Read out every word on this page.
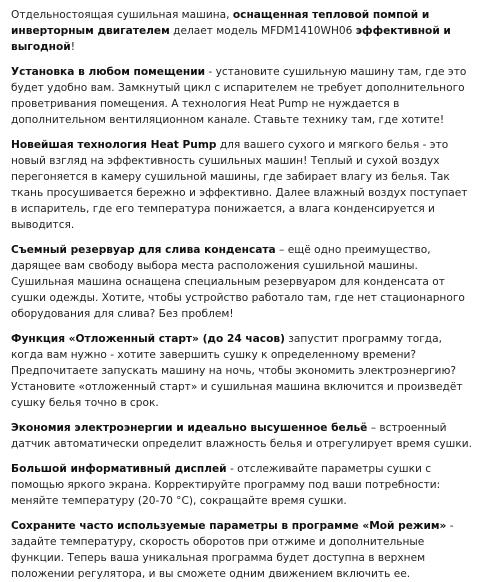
Отдельностоящая сушильная машина, оснащенная тепловой помпой и инверторным двигателем делает модель MFDM1410WH06 эффективной и выгодной!

Установка в любом помещении - установите сушильную машину там, где это будет удобно вам. Замкнутый цикл с испарителем не требует дополнительного проветривания помещения. А технология Heat Pump не нуждается в дополнительном вентиляционном канале. Ставьте технику там, где хотите!

Новейшая технология Heat Pump для вашего сухого и мягкого белья - это новый взгляд на эффективность сушильных машин! Теплый и сухой воздух перегоняется в камеру сушильной машины, где забирает влагу из белья. Так ткань просушивается бережно и эффективно. Далее влажный воздух поступает в испаритель, где его температура понижается, а влага конденсируется и выводится.

Съемный резервуар для слива конденсата – ещё одно преимущество, дарящее вам свободу выбора места расположения сушильной машины. Сушильная машина оснащена специальным резервуаром для конденсата от сушки одежды. Хотите, чтобы устройство работало там, где нет стационарного оборудования для слива? Без проблем!

Функция «Отложенный старт» (до 24 часов) запустит программу тогда, когда вам нужно - хотите завершить сушку к определенному времени? Предпочитаете запускать машину на ночь, чтобы экономить электроэнергию? Установите «отложенный старт» и сушильная машина включится и произведёт сушку белья точно в срок.

Экономия электроэнергии и идеально высушенное бельё – встроенный датчик автоматически определит влажность белья и отрегулирует время сушки.

Большой информативный дисплей - отслеживайте параметры сушки с помощью яркого экрана. Корректируйте программу под ваши потребности: меняйте температуру (20-70 °C), сокращайте время сушки.

Сохраните часто используемые параметры в программе «Мой режим» - задайте температуру, скорость оборотов при отжиме и дополнительные функции. Теперь ваша уникальная программа будет доступна в верхнем положении регулятора, и вы сможете одним движением включить ее.
